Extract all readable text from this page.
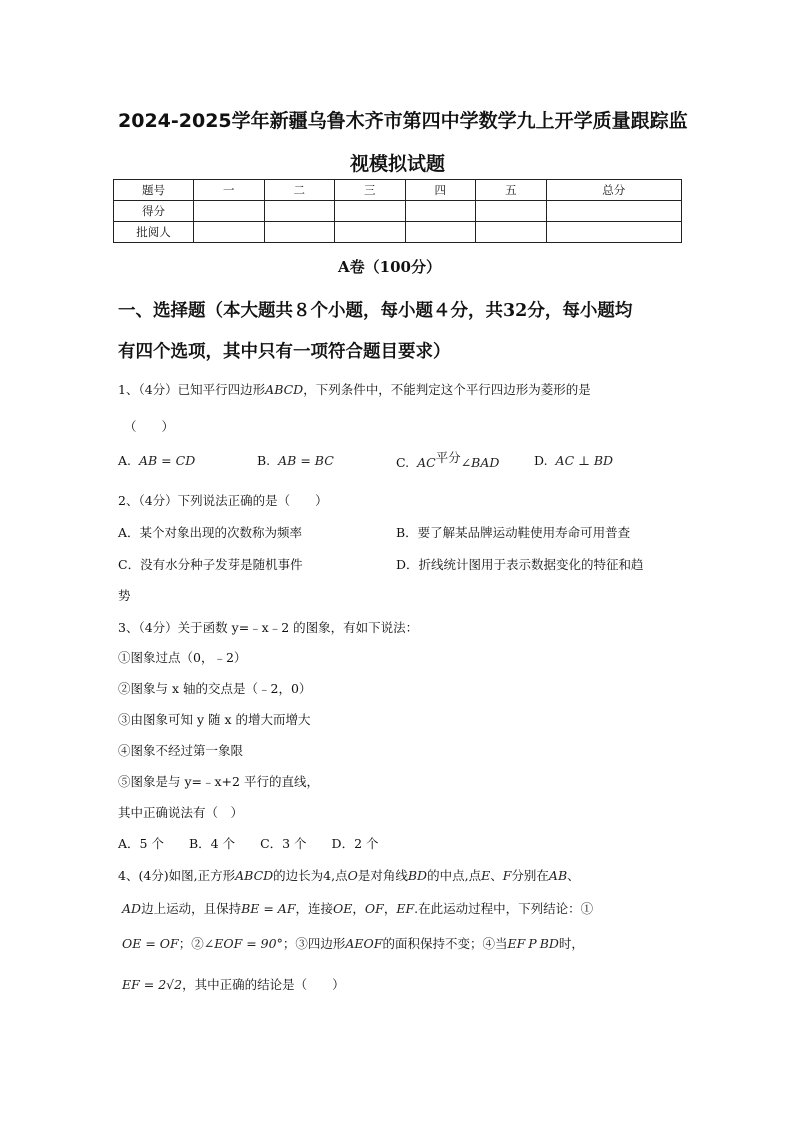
2024-2025学年新疆乌鲁木齐市第四中学数学九上开学质量跟踪监
视模拟试题
题号	一	二	三	四	五	总分
得分						
批阅人						
A卷（100分）
一、选择题（本大题共８个小题，每小题４分，共32分，每小题均
有四个选项，其中只有一项符合题目要求）
1、（4分）已知平行四边形ABCD，下列条件中，不能判定这个平行四边形为菱形的是
（　　）
A. AB = CD	B. AB = BC	C. AC平分∠BAD	D. AC ⊥ BD
2、（4分）下列说法正确的是（　　）
A．某个对象出现的次数称为频率	B．要了解某品牌运动鞋使用寿命可用普查
C．没有水分种子发芽是随机事件	D．折线统计图用于表示数据变化的特征和趋
势
3、（4分）关于函数 y=﹣x﹣2 的图象，有如下说法：
①图象过点（0，﹣2）
②图象与 x 轴的交点是（﹣2，0）
③由图象可知 y 随 x 的增大而增大
④图象不经过第一象限
⑤图象是与 y=﹣x+2 平行的直线，
其中正确说法有（　）
A．5 个　　B．4 个　　C．3 个　　D．2 个
4、(4分)如图,正方形ABCD的边长为4,点O是对角线BD的中点,点E、F分别在AB、
AD边上运动，且保持BE = AF，连接OE，OF，EF.在此运动过程中，下列结论：①
OE = OF；②∠EOF = 90°；③四边形AEOF的面积保持不变；④当EF P BD时，
EF = 2√2，其中正确的结论是（　　）
